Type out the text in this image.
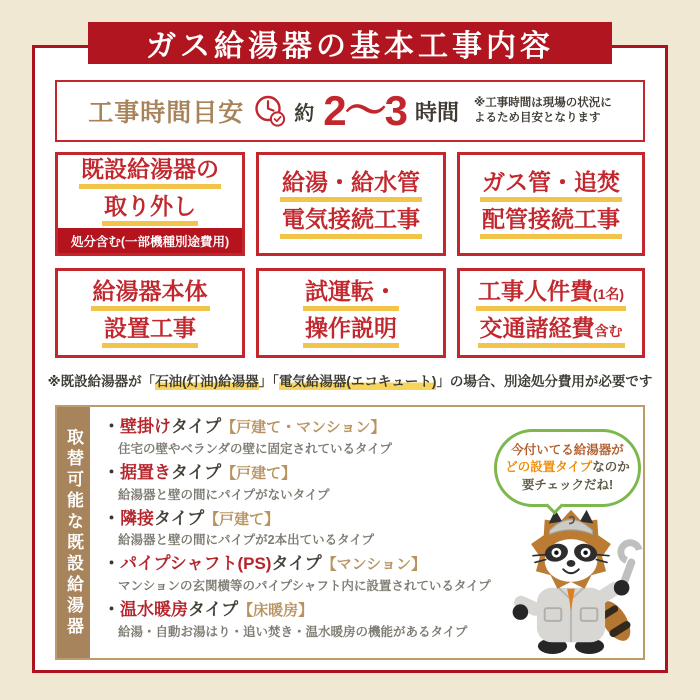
ガス給湯器の基本工事内容
工事時間目安	約 2〜3 時間 ※工事時間は現場の状況に
よるため目安となります
既設給湯器の
取り外し
処分含む(一部機種別途費用)
給湯・給水管
電気接続工事
ガス管・追焚
配管接続工事
給湯器本体
設置工事
試運転・
操作説明
工事人件費(1名)
交通諸経費含む
※既設給湯器が「石油(灯油)給湯器」「電気給湯器(エコキュート)」の場合、別途処分費用が必要です
取替可能な既設給湯器
・壁掛けタイプ【戸建て・マンション】
住宅の壁やベランダの壁に固定されているタイプ
・据置きタイプ【戸建て】
給湯器と壁の間にパイプがないタイプ
・隣接タイプ【戸建て】
給湯器と壁の間にパイプが2本出ているタイプ
・パイプシャフト(PS)タイプ【マンション】
マンションの玄関横等のパイプシャフト内に設置されているタイプ
・温水暖房タイプ【床暖房】
給湯・自動お湯はり・追い焚き・温水暖房の機能があるタイプ
今付いてる給湯器が
どの設置タイプなのか
要チェックだね!
